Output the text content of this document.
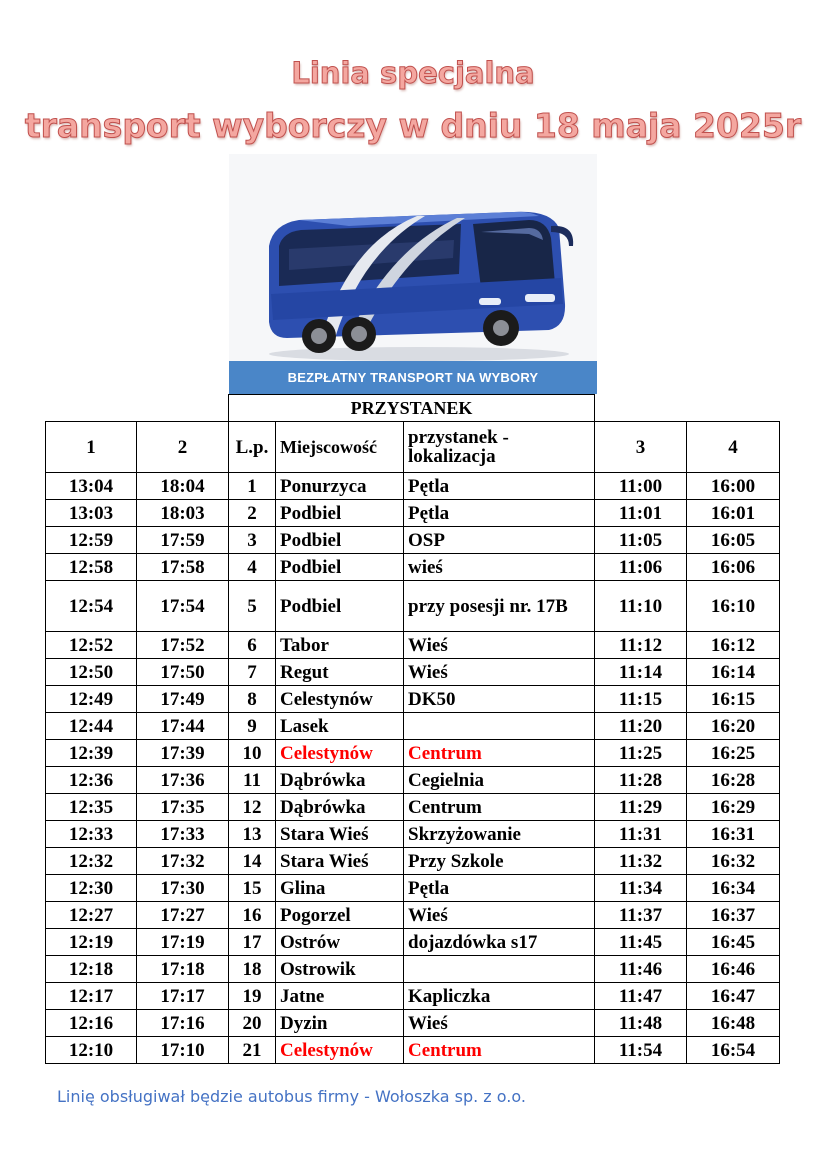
Linia specjalna
transport wyborczy w dniu 18 maja 2025r
BEZPŁATNY TRANSPORT NA WYBORY
		PRZYSTANEK				
1	2	L.p.	Miejscowość	przystanek - lokalizacja	3	4
13:04	18:04	1	Ponurzyca	Pętla	11:00	16:00
13:03	18:03	2	Podbiel	Pętla	11:01	16:01
12:59	17:59	3	Podbiel	OSP	11:05	16:05
12:58	17:58	4	Podbiel	wieś	11:06	16:06
12:54	17:54	5	Podbiel	przy posesji nr. 17B	11:10	16:10
12:52	17:52	6	Tabor	Wieś	11:12	16:12
12:50	17:50	7	Regut	Wieś	11:14	16:14
12:49	17:49	8	Celestynów	DK50	11:15	16:15
12:44	17:44	9	Lasek		11:20	16:20
12:39	17:39	10	Celestynów	Centrum	11:25	16:25
12:36	17:36	11	Dąbrówka	Cegielnia	11:28	16:28
12:35	17:35	12	Dąbrówka	Centrum	11:29	16:29
12:33	17:33	13	Stara Wieś	Skrzyżowanie	11:31	16:31
12:32	17:32	14	Stara Wieś	Przy Szkole	11:32	16:32
12:30	17:30	15	Glina	Pętla	11:34	16:34
12:27	17:27	16	Pogorzel	Wieś	11:37	16:37
12:19	17:19	17	Ostrów	dojazdówka s17	11:45	16:45
12:18	17:18	18	Ostrowik		11:46	16:46
12:17	17:17	19	Jatne	Kapliczka	11:47	16:47
12:16	17:16	20	Dyzin	Wieś	11:48	16:48
12:10	17:10	21	Celestynów	Centrum	11:54	16:54
Linię obsługiwał będzie autobus firmy - Wołoszka sp. z o.o.
